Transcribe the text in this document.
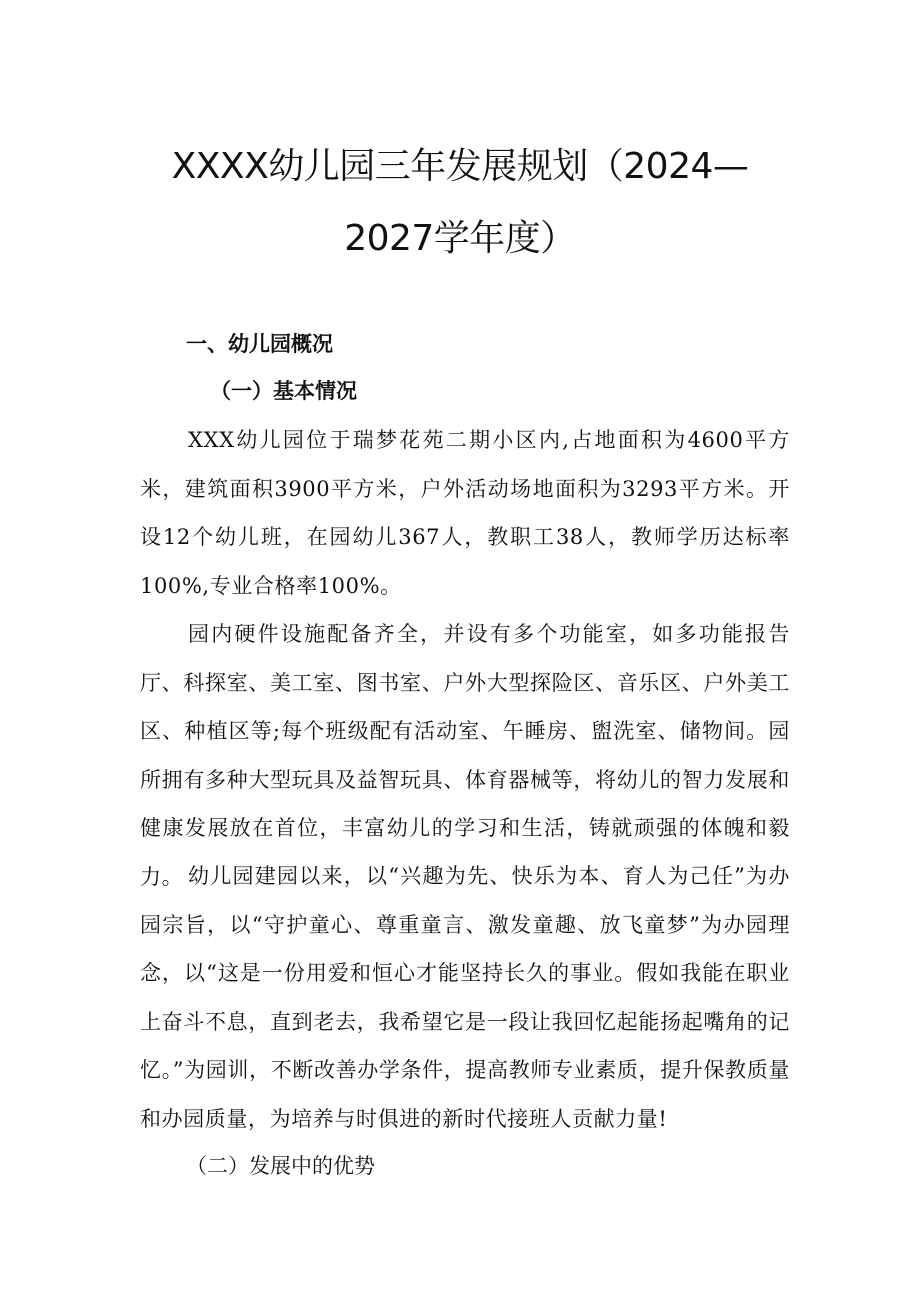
XXXX幼儿园三年发展规划（2024—
2027学年度）
一、幼儿园概况
（一）基本情况
XXX幼儿园位于瑞梦花苑二期小区内,占地面积为4600平方米，建筑面积3900平方米，户外活动场地面积为3293平方米。开设12个幼儿班，在园幼儿367人，教职工38人，教师学历达标率100%,专业合格率100%。
园内硬件设施配备齐全，并设有多个功能室，如多功能报告厅、科探室、美工室、图书室、户外大型探险区、音乐区、户外美工区、种植区等;每个班级配有活动室、午睡房、盥洗室、储物间。园所拥有多种大型玩具及益智玩具、体育器械等，将幼儿的智力发展和健康发展放在首位，丰富幼儿的学习和生活，铸就顽强的体魄和毅力。 幼儿园建园以来，以“兴趣为先、快乐为本、育人为己任”为办园宗旨，以“守护童心、尊重童言、激发童趣、放飞童梦”为办园理念，以“这是一份用爱和恒心才能坚持长久的事业。假如我能在职业上奋斗不息，直到老去，我希望它是一段让我回忆起能扬起嘴角的记忆。”为园训，不断改善办学条件，提高教师专业素质，提升保教质量和办园质量，为培养与时俱进的新时代接班人贡献力量!
（二）发展中的优势
